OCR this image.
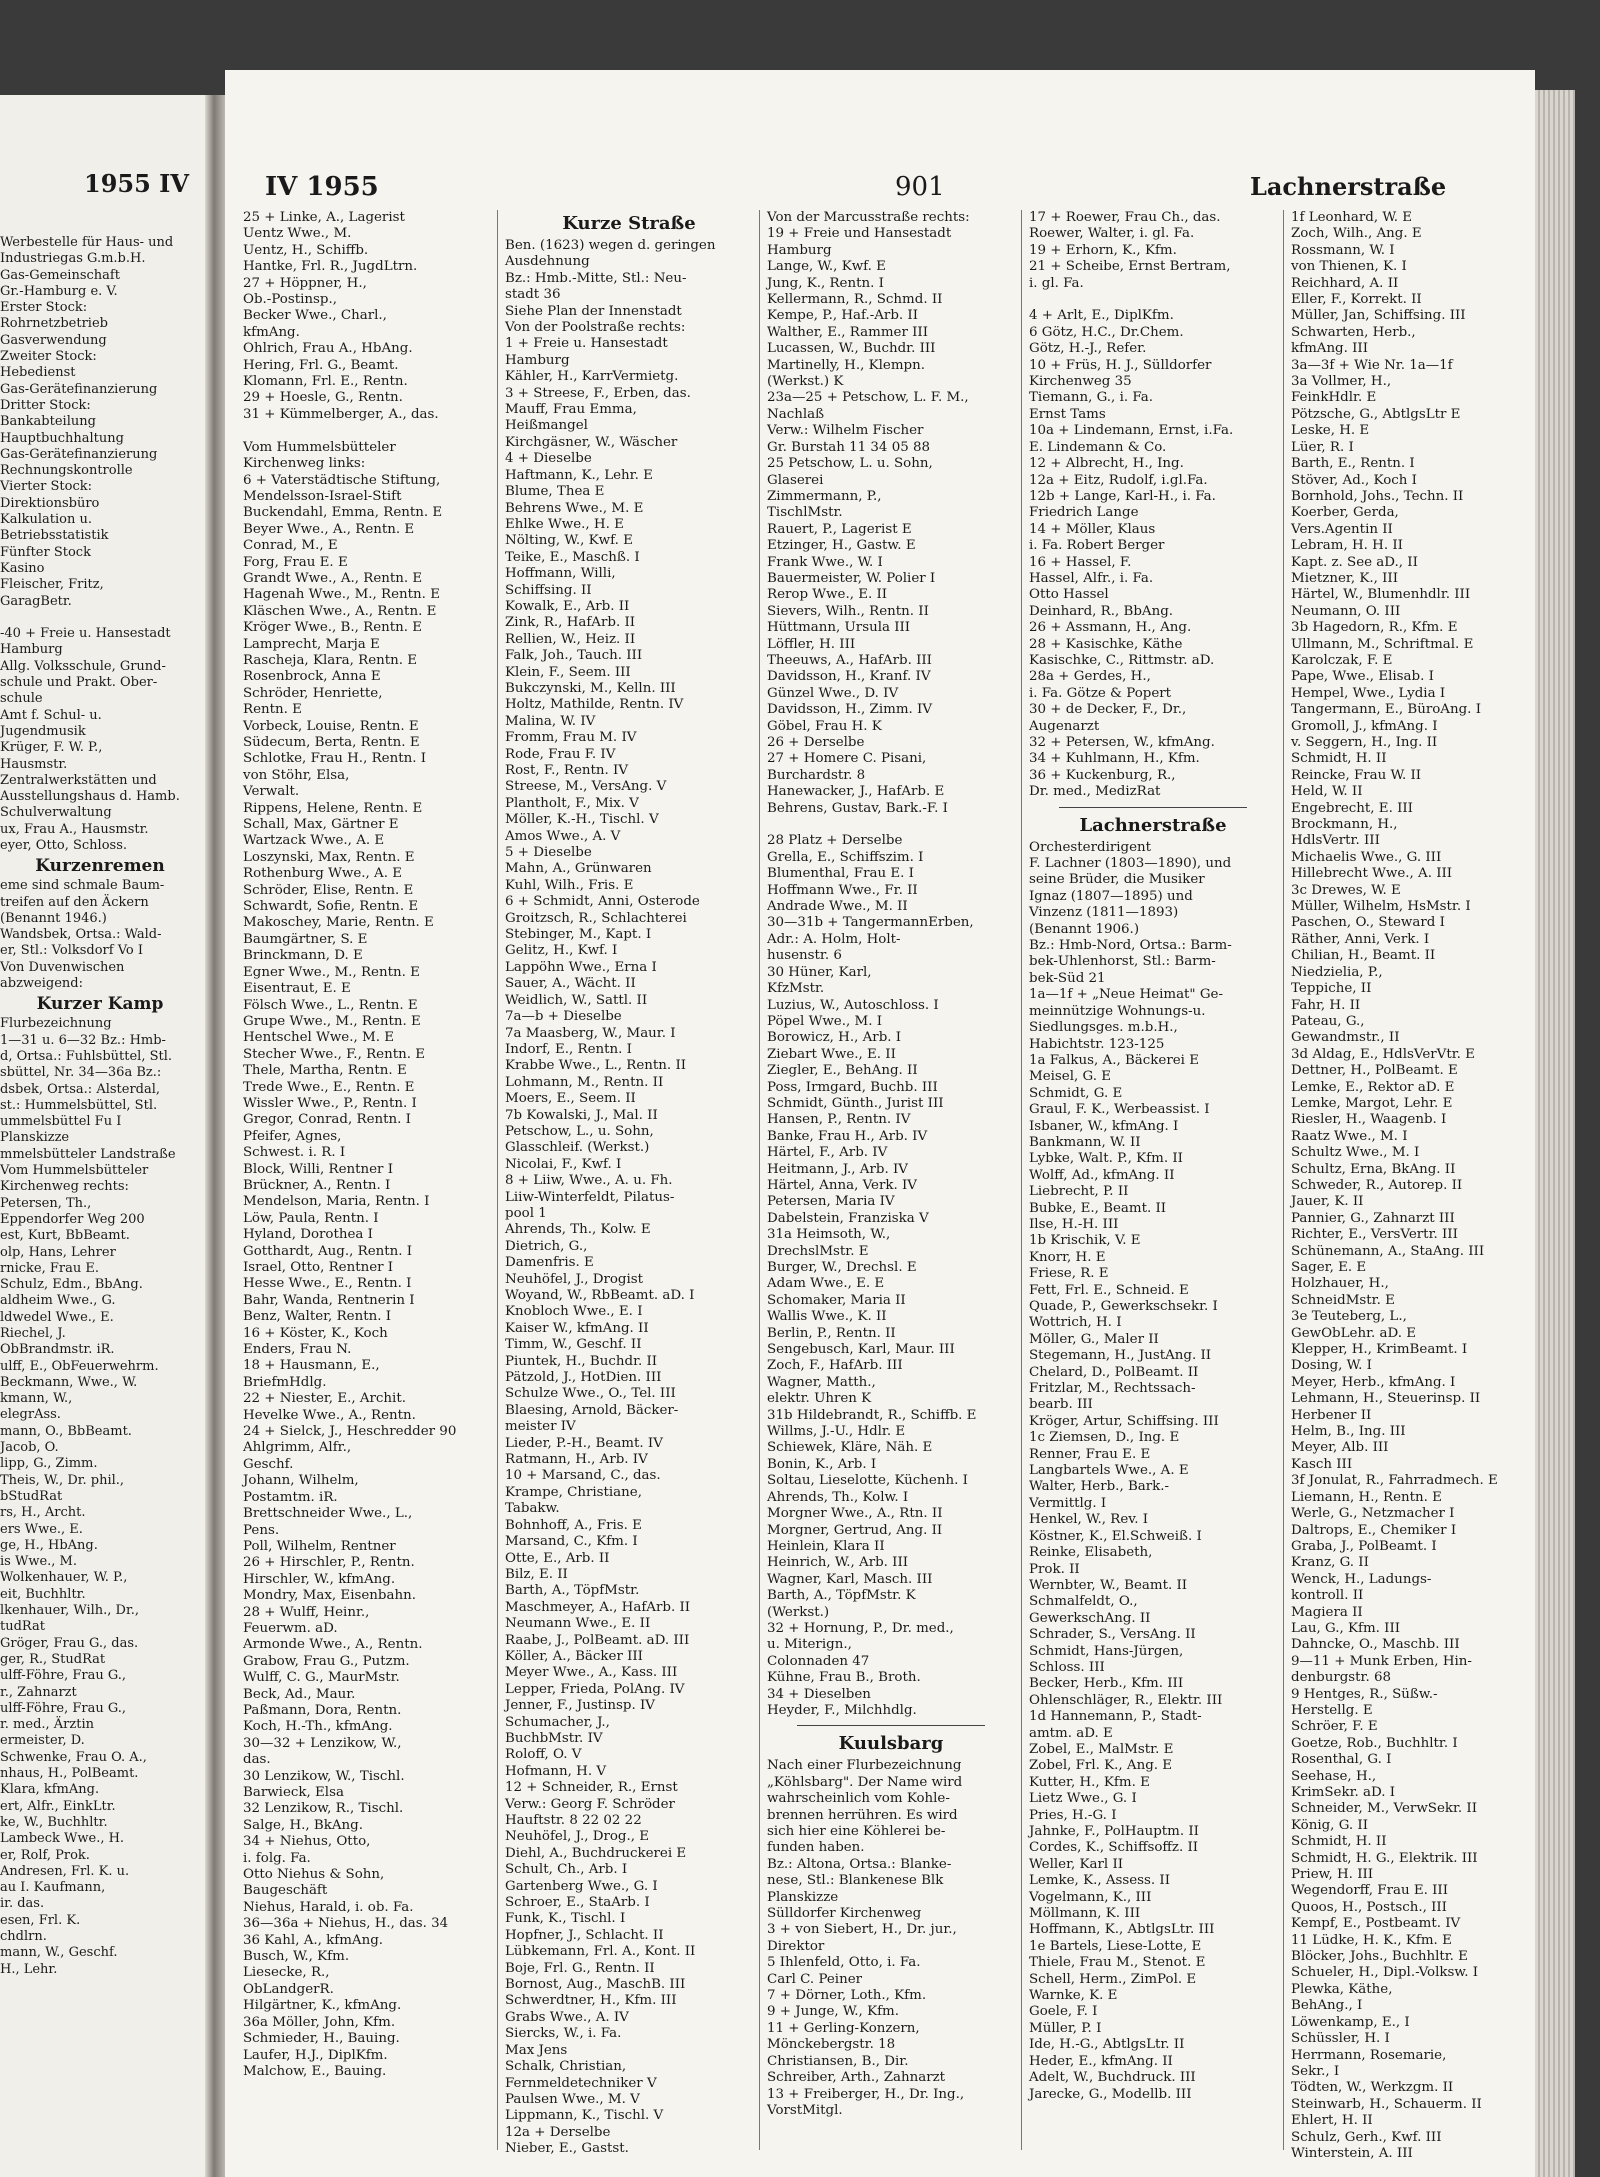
1955 IV
Werbestelle für Haus- und
Industriegas G.m.b.H.
Gas-Gemeinschaft
Gr.-Hamburg e. V.
Erster Stock:
Rohrnetzbetrieb
Gasverwendung
Zweiter Stock:
Hebedienst
Gas-Gerätefinanzierung
Dritter Stock:
Bankabteilung
Hauptbuchhaltung
Gas-Gerätefinanzierung
Rechnungskontrolle
Vierter Stock:
Direktionsbüro
Kalkulation u.
Betriebsstatistik
Fünfter Stock
Kasino
Fleischer, Fritz,
GaragBetr.

-40 + Freie u. Hansestadt
Hamburg
Allg. Volksschule, Grund-
schule und Prakt. Ober-
schule
Amt f. Schul- u.
Jugendmusik
Krüger, F. W. P.,
Hausmstr.
Zentralwerkstätten und
Ausstellungshaus d. Hamb.
Schulverwaltung
ux, Frau A., Hausmstr.
eyer, Otto, Schloss.
Kurzenremen
eme sind schmale Baum-
treifen auf den Äckern
(Benannt 1946.)
Wandsbek, Ortsa.: Wald-
er, Stl.: Volksdorf Vo I
Von Duvenwischen
abzweigend:
Kurzer Kamp
Flurbezeichnung
1—31 u. 6—32 Bz.: Hmb-
d, Ortsa.: Fuhlsbüttel, Stl.
sbüttel, Nr. 34—36a Bz.:
dsbek, Ortsa.: Alsterdal,
st.: Hummelsbüttel, Stl.
ummelsbüttel Fu I
Planskizze
mmelsbütteler Landstraße
Vom Hummelsbütteler
Kirchenweg rechts:
Petersen, Th.,
Eppendorfer Weg 200
est, Kurt, BbBeamt.
olp, Hans, Lehrer
rnicke, Frau E.
Schulz, Edm., BbAng.
aldheim Wwe., G.
ldwedel Wwe., E.
Riechel, J.
ObBrandmstr. iR.
ulff, E., ObFeuerwehrm.
Beckmann, Wwe., W.
kmann, W.,
elegrAss.
mann, O., BbBeamt.
Jacob, O.
lipp, G., Zimm.
Theis, W., Dr. phil.,
bStudRat
rs, H., Archt.
ers Wwe., E.
ge, H., HbAng.
is Wwe., M.
Wolkenhauer, W. P.,
eit, Buchhltr.
lkenhauer, Wilh., Dr.,
tudRat
Gröger, Frau G., das.
ger, R., StudRat
ulff-Föhre, Frau G.,
r., Zahnarzt
ulff-Föhre, Frau G.,
r. med., Ärztin
ermeister, D.
Schwenke, Frau O. A.,
nhaus, H., PolBeamt.
Klara, kfmAng.
ert, Alfr., EinkLtr.
ke, W., Buchhltr.
Lambeck Wwe., H.
er, Rolf, Prok.
Andresen, Frl. K. u.
au I. Kaufmann,
ir. das.
esen, Frl. K.
chdlrn.
mann, W., Geschf.
H., Lehr.
IV 1955	901	Lachnerstraße
25 + Linke, A., Lagerist
Uentz Wwe., M.
Uentz, H., Schiffb.
Hantke, Frl. R., JugdLtrn.
27 + Höppner, H.,
Ob.-Postinsp.,
Becker Wwe., Charl.,
kfmAng.
Ohlrich, Frau A., HbAng.
Hering, Frl. G., Beamt.
Klomann, Frl. E., Rentn.
29 + Hoesle, G., Rentn.
31 + Kümmelberger, A., das.

Vom Hummelsbütteler
Kirchenweg links:
6 + Vaterstädtische Stiftung,
Mendelsson-Israel-Stift
Buckendahl, Emma, Rentn. E
Beyer Wwe., A., Rentn. E
Conrad, M., E
Forg, Frau E. E
Grandt Wwe., A., Rentn. E
Hagenah Wwe., M., Rentn. E
Kläschen Wwe., A., Rentn. E
Kröger Wwe., B., Rentn. E
Lamprecht, Marja E
Rascheja, Klara, Rentn. E
Rosenbrock, Anna E
Schröder, Henriette,
Rentn. E
Vorbeck, Louise, Rentn. E
Südecum, Berta, Rentn. E
Schlotke, Frau H., Rentn. I
von Stöhr, Elsa,
Verwalt.
Rippens, Helene, Rentn. E
Schall, Max, Gärtner E
Wartzack Wwe., A. E
Loszynski, Max, Rentn. E
Rothenburg Wwe., A. E
Schröder, Elise, Rentn. E
Schwardt, Sofie, Rentn. E
Makoschey, Marie, Rentn. E
Baumgärtner, S. E
Brinckmann, D. E
Egner Wwe., M., Rentn. E
Eisentraut, E. E
Fölsch Wwe., L., Rentn. E
Grupe Wwe., M., Rentn. E
Hentschel Wwe., M. E
Stecher Wwe., F., Rentn. E
Thele, Martha, Rentn. E
Trede Wwe., E., Rentn. E
Wissler Wwe., P., Rentn. I
Gregor, Conrad, Rentn. I
Pfeifer, Agnes,
Schwest. i. R. I
Block, Willi, Rentner I
Brückner, A., Rentn. I
Mendelson, Maria, Rentn. I
Löw, Paula, Rentn. I
Hyland, Dorothea I
Gotthardt, Aug., Rentn. I
Israel, Otto, Rentner I
Hesse Wwe., E., Rentn. I
Bahr, Wanda, Rentnerin I
Benz, Walter, Rentn. I
16 + Köster, K., Koch
Enders, Frau N.
18 + Hausmann, E.,
BriefmHdlg.
22 + Niester, E., Archit.
Hevelke Wwe., A., Rentn.
24 + Sielck, J., Heschredder 90
Ahlgrimm, Alfr.,
Geschf.
Johann, Wilhelm,
Postamtm. iR.
Brettschneider Wwe., L.,
Pens.
Poll, Wilhelm, Rentner
26 + Hirschler, P., Rentn.
Hirschler, W., kfmAng.
Mondry, Max, Eisenbahn.
28 + Wulff, Heinr.,
Feuerwm. aD.
Armonde Wwe., A., Rentn.
Grabow, Frau G., Putzm.
Wulff, C. G., MaurMstr.
Beck, Ad., Maur.
Paßmann, Dora, Rentn.
Koch, H.-Th., kfmAng.
30—32 + Lenzikow, W.,
das.
30 Lenzikow, W., Tischl.
Barwieck, Elsa
32 Lenzikow, R., Tischl.
Salge, H., BkAng.
34 + Niehus, Otto,
i. folg. Fa.
Otto Niehus & Sohn,
Baugeschäft
Niehus, Harald, i. ob. Fa.
36—36a + Niehus, H., das. 34
36 Kahl, A., kfmAng.
Busch, W., Kfm.
Liesecke, R.,
ObLandgerR.
Hilgärtner, K., kfmAng.
36a Möller, John, Kfm.
Schmieder, H., Bauing.
Laufer, H.J., DiplKfm.
Malchow, E., Bauing.
Kurze Straße
Ben. (1623) wegen d. geringen
Ausdehnung
Bz.: Hmb.-Mitte, Stl.: Neu-
stadt 36
Siehe Plan der Innenstadt
Von der Poolstraße rechts:
1 + Freie u. Hansestadt
Hamburg
Kähler, H., KarrVermietg.
3 + Streese, F., Erben, das.
Mauff, Frau Emma,
Heißmangel
Kirchgäsner, W., Wäscher
4 + Dieselbe
Haftmann, K., Lehr. E
Blume, Thea E
Behrens Wwe., M. E
Ehlke Wwe., H. E
Nölting, W., Kwf. E
Teike, E., Maschß. I
Hoffmann, Willi,
Schiffsing. II
Kowalk, E., Arb. II
Zink, R., HafArb. II
Rellien, W., Heiz. II
Falk, Joh., Tauch. III
Klein, F., Seem. III
Bukczynski, M., Kelln. III
Holtz, Mathilde, Rentn. IV
Malina, W. IV
Fromm, Frau M. IV
Rode, Frau F. IV
Rost, F., Rentn. IV
Streese, M., VersAng. V
Plantholt, F., Mix. V
Möller, K.-H., Tischl. V
Amos Wwe., A. V
5 + Dieselbe
Mahn, A., Grünwaren
Kuhl, Wilh., Fris. E
6 + Schmidt, Anni, Osterode
Groitzsch, R., Schlachterei
Stebinger, M., Kapt. I
Gelitz, H., Kwf. I
Lappöhn Wwe., Erna I
Sauer, A., Wächt. II
Weidlich, W., Sattl. II
7a—b + Dieselbe
7a Maasberg, W., Maur. I
Indorf, E., Rentn. I
Krabbe Wwe., L., Rentn. II
Lohmann, M., Rentn. II
Moers, E., Seem. II
7b Kowalski, J., Mal. II
Petschow, L., u. Sohn,
Glasschleif. (Werkst.)
Nicolai, F., Kwf. I
8 + Liiw, Wwe., A. u. Fh.
Liiw-Winterfeldt, Pilatus-
pool 1
Ahrends, Th., Kolw. E
Dietrich, G.,
Damenfris. E
Neuhöfel, J., Drogist
Woyand, W., RbBeamt. aD. I
Knobloch Wwe., E. I
Kaiser W., kfmAng. II
Timm, W., Geschf. II
Piuntek, H., Buchdr. II
Pätzold, J., HotDien. III
Schulze Wwe., O., Tel. III
Blaesing, Arnold, Bäcker-
meister IV
Lieder, P.-H., Beamt. IV
Ratmann, H., Arb. IV
10 + Marsand, C., das.
Krampe, Christiane,
Tabakw.
Bohnhoff, A., Fris. E
Marsand, C., Kfm. I
Otte, E., Arb. II
Bilz, E. II
Barth, A., TöpfMstr.
Maschmeyer, A., HafArb. II
Neumann Wwe., E. II
Raabe, J., PolBeamt. aD. III
Köller, A., Bäcker III
Meyer Wwe., A., Kass. III
Lepper, Frieda, PolAng. IV
Jenner, F., Justinsp. IV
Schumacher, J.,
BuchbMstr. IV
Roloff, O. V
Hofmann, H. V
12 + Schneider, R., Ernst
Verw.: Georg F. Schröder
Hauftstr. 8 22 02 22
Neuhöfel, J., Drog., E
Diehl, A., Buchdruckerei E
Schult, Ch., Arb. I
Gartenberg Wwe., G. I
Schroer, E., StaArb. I
Funk, K., Tischl. I
Hopfner, J., Schlacht. II
Lübkemann, Frl. A., Kont. II
Boje, Frl. G., Rentn. II
Bornost, Aug., MaschB. III
Schwerdtner, H., Kfm. III
Grabs Wwe., A. IV
Siercks, W., i. Fa.
Max Jens
Schalk, Christian,
Fernmeldetechniker V
Paulsen Wwe., M. V
Lippmann, K., Tischl. V
12a + Derselbe
Nieber, E., Gastst.
Von der Marcusstraße rechts:
19 + Freie und Hansestadt
Hamburg
Lange, W., Kwf. E
Jung, K., Rentn. I
Kellermann, R., Schmd. II
Kempe, P., Haf.-Arb. II
Walther, E., Rammer III
Lucassen, W., Buchdr. III
Martinelly, H., Klempn.
(Werkst.) K
23a—25 + Petschow, L. F. M.,
Nachlaß
Verw.: Wilhelm Fischer
Gr. Burstah 11 34 05 88
25 Petschow, L. u. Sohn,
Glaserei
Zimmermann, P.,
TischlMstr.
Rauert, P., Lagerist E
Etzinger, H., Gastw. E
Frank Wwe., W. I
Bauermeister, W. Polier I
Rerop Wwe., E. II
Sievers, Wilh., Rentn. II
Hüttmann, Ursula III
Löffler, H. III
Theeuws, A., HafArb. III
Davidsson, H., Kranf. IV
Günzel Wwe., D. IV
Davidsson, H., Zimm. IV
Göbel, Frau H. K
26 + Derselbe
27 + Homere C. Pisani,
Burchardstr. 8
Hanewacker, J., HafArb. E
Behrens, Gustav, Bark.-F. I

28 Platz + Derselbe
Grella, E., Schiffszim. I
Blumenthal, Frau E. I
Hoffmann Wwe., Fr. II
Andrade Wwe., M. II
30—31b + TangermannErben,
Adr.: A. Holm, Holt-
husenstr. 6
30 Hüner, Karl,
KfzMstr.
Luzius, W., Autoschloss. I
Pöpel Wwe., M. I
Borowicz, H., Arb. I
Ziebart Wwe., E. II
Ziegler, E., BehAng. II
Poss, Irmgard, Buchb. III
Schmidt, Günth., Jurist III
Hansen, P., Rentn. IV
Banke, Frau H., Arb. IV
Härtel, F., Arb. IV
Heitmann, J., Arb. IV
Härtel, Anna, Verk. IV
Petersen, Maria IV
Dabelstein, Franziska V
31a Heimsoth, W.,
DrechslMstr. E
Burger, W., Drechsl. E
Adam Wwe., E. E
Schomaker, Maria II
Wallis Wwe., K. II
Berlin, P., Rentn. II
Sengebusch, Karl, Maur. III
Zoch, F., HafArb. III
Wagner, Matth.,
elektr. Uhren K
31b Hildebrandt, R., Schiffb. E
Willms, J.-U., Hdlr. E
Schiewek, Kläre, Näh. E
Bonin, K., Arb. I
Soltau, Lieselotte, Küchenh. I
Ahrends, Th., Kolw. I
Morgner Wwe., A., Rtn. II
Morgner, Gertrud, Ang. II
Heinlein, Klara II
Heinrich, W., Arb. III
Wagner, Karl, Masch. III
Barth, A., TöpfMstr. K
(Werkst.)
32 + Hornung, P., Dr. med.,
u. Miterign.,
Colonnaden 47
Kühne, Frau B., Broth.
34 + Dieselben
Heyder, F., Milchhdlg.
Kuulsbarg
Nach einer Flurbezeichnung
„Köhlsbarg". Der Name wird
wahrscheinlich vom Kohle-
brennen herrühren. Es wird
sich hier eine Köhlerei be-
funden haben.
Bz.: Altona, Ortsa.: Blanke-
nese, Stl.: Blankenese Blk
Planskizze
Sülldorfer Kirchenweg
3 + von Siebert, H., Dr. jur.,
Direktor
5 Ihlenfeld, Otto, i. Fa.
Carl C. Peiner
7 + Dörner, Loth., Kfm.
9 + Junge, W., Kfm.
11 + Gerling-Konzern,
Mönckebergstr. 18
Christiansen, B., Dir.
Schreiber, Arth., Zahnarzt
13 + Freiberger, H., Dr. Ing.,
VorstMitgl.
17 + Roewer, Frau Ch., das.
Roewer, Walter, i. gl. Fa.
19 + Erhorn, K., Kfm.
21 + Scheibe, Ernst Bertram,
i. gl. Fa.

4 + Arlt, E., DiplKfm.
6 Götz, H.C., Dr.Chem.
Götz, H.-J., Refer.
10 + Früs, H. J., Sülldorfer
Kirchenweg 35
Tiemann, G., i. Fa.
Ernst Tams
10a + Lindemann, Ernst, i.Fa.
E. Lindemann & Co.
12 + Albrecht, H., Ing.
12a + Eitz, Rudolf, i.gl.Fa.
12b + Lange, Karl-H., i. Fa.
Friedrich Lange
14 + Möller, Klaus
i. Fa. Robert Berger
16 + Hassel, F.
Hassel, Alfr., i. Fa.
Otto Hassel
Deinhard, R., BbAng.
26 + Assmann, H., Ang.
28 + Kasischke, Käthe
Kasischke, C., Rittmstr. aD.
28a + Gerdes, H.,
i. Fa. Götze & Popert
30 + de Decker, F., Dr.,
Augenarzt
32 + Petersen, W., kfmAng.
34 + Kuhlmann, H., Kfm.
36 + Kuckenburg, R.,
Dr. med., MedizRat
Lachnerstraße
Orchesterdirigent
F. Lachner (1803—1890), und
seine Brüder, die Musiker
Ignaz (1807—1895) und
Vinzenz (1811—1893)
(Benannt 1906.)
Bz.: Hmb-Nord, Ortsa.: Barm-
bek-Uhlenhorst, Stl.: Barm-
bek-Süd 21
1a—1f + „Neue Heimat" Ge-
meinnützige Wohnungs-u.
Siedlungsges. m.b.H.,
Habichtstr. 123-125
1a Falkus, A., Bäckerei E
Meisel, G. E
Schmidt, G. E
Graul, F. K., Werbeassist. I
Isbaner, W., kfmAng. I
Bankmann, W. II
Lybke, Walt. P., Kfm. II
Wolff, Ad., kfmAng. II
Liebrecht, P. II
Bubke, E., Beamt. II
Ilse, H.-H. III
1b Krischik, V. E
Knorr, H. E
Friese, R. E
Fett, Frl. E., Schneid. E
Quade, P., Gewerkschsekr. I
Wottrich, H. I
Möller, G., Maler II
Stegemann, H., JustAng. II
Chelard, D., PolBeamt. II
Fritzlar, M., Rechtssach-
bearb. III
Kröger, Artur, Schiffsing. III
1c Ziemsen, D., Ing. E
Renner, Frau E. E
Langbartels Wwe., A. E
Walter, Herb., Bark.-
Vermittlg. I
Henkel, W., Rev. I
Köstner, K., El.Schweiß. I
Reinke, Elisabeth,
Prok. II
Wernbter, W., Beamt. II
Schmalfeldt, O.,
GewerkschAng. II
Schrader, S., VersAng. II
Schmidt, Hans-Jürgen,
Schloss. III
Becker, Herb., Kfm. III
Ohlenschläger, R., Elektr. III
1d Hannemann, P., Stadt-
amtm. aD. E
Zobel, E., MalMstr. E
Zobel, Frl. K., Ang. E
Kutter, H., Kfm. E
Lietz Wwe., G. I
Pries, H.-G. I
Jahnke, F., PolHauptm. II
Cordes, K., Schiffsoffz. II
Weller, Karl II
Lemke, K., Assess. II
Vogelmann, K., III
Möllmann, K. III
Hoffmann, K., AbtlgsLtr. III
1e Bartels, Liese-Lotte, E
Thiele, Frau M., Stenot. E
Schell, Herm., ZimPol. E
Warnke, K. E
Goele, F. I
Müller, P. I
Ide, H.-G., AbtlgsLtr. II
Heder, E., kfmAng. II
Adelt, W., Buchdruck. III
Jarecke, G., Modellb. III
1f Leonhard, W. E
Zoch, Wilh., Ang. E
Rossmann, W. I
von Thienen, K. I
Reichhard, A. II
Eller, F., Korrekt. II
Müller, Jan, Schiffsing. III
Schwarten, Herb.,
kfmAng. III
3a—3f + Wie Nr. 1a—1f
3a Vollmer, H.,
FeinkHdlr. E
Pötzsche, G., AbtlgsLtr E
Leske, H. E
Lüer, R. I
Barth, E., Rentn. I
Stöver, Ad., Koch I
Bornhold, Johs., Techn. II
Koerber, Gerda,
Vers.Agentin II
Lebram, H. H. II
Kapt. z. See aD., II
Mietzner, K., III
Härtel, W., Blumenhdlr. III
Neumann, O. III
3b Hagedorn, R., Kfm. E
Ullmann, M., Schriftmal. E
Karolczak, F. E
Pape, Wwe., Elisab. I
Hempel, Wwe., Lydia I
Tangermann, E., BüroAng. I
Gromoll, J., kfmAng. I
v. Seggern, H., Ing. II
Schmidt, H. II
Reincke, Frau W. II
Held, W. II
Engebrecht, E. III
Brockmann, H.,
HdlsVertr. III
Michaelis Wwe., G. III
Hillebrecht Wwe., A. III
3c Drewes, W. E
Müller, Wilhelm, HsMstr. I
Paschen, O., Steward I
Räther, Anni, Verk. I
Chilian, H., Beamt. II
Niedzielia, P.,
Teppiche, II
Fahr, H. II
Pateau, G.,
Gewandmstr., II
3d Aldag, E., HdlsVerVtr. E
Dettner, H., PolBeamt. E
Lemke, E., Rektor aD. E
Lemke, Margot, Lehr. E
Riesler, H., Waagenb. I
Raatz Wwe., M. I
Schultz Wwe., M. I
Schultz, Erna, BkAng. II
Schweder, R., Autorep. II
Jauer, K. II
Pannier, G., Zahnarzt III
Richter, E., VersVertr. III
Schünemann, A., StaAng. III
Sager, E. E
Holzhauer, H.,
SchneidMstr. E
3e Teuteberg, L.,
GewObLehr. aD. E
Klepper, H., KrimBeamt. I
Dosing, W. I
Meyer, Herb., kfmAng. I
Lehmann, H., Steuerinsp. II
Herbener II
Helm, B., Ing. III
Meyer, Alb. III
Kasch III
3f Jonulat, R., Fahrradmech. E
Liemann, H., Rentn. E
Werle, G., Netzmacher I
Daltrops, E., Chemiker I
Graba, J., PolBeamt. I
Kranz, G. II
Wenck, H., Ladungs-
kontroll. II
Magiera II
Lau, G., Kfm. III
Dahncke, O., Maschb. III
9—11 + Munk Erben, Hin-
denburgstr. 68
9 Hentges, R., Süßw.-
Herstellg. E
Schröer, F. E
Goetze, Rob., Buchhltr. I
Rosenthal, G. I
Seehase, H.,
KrimSekr. aD. I
Schneider, M., VerwSekr. II
König, G. II
Schmidt, H. II
Schmidt, H. G., Elektrik. III
Priew, H. III
Wegendorff, Frau E. III
Quoos, H., Postsch., III
Kempf, E., Postbeamt. IV
11 Lüdke, H. K., Kfm. E
Blöcker, Johs., Buchhltr. E
Schueler, H., Dipl.-Volksw. I
Plewka, Käthe,
BehAng., I
Löwenkamp, E., I
Schüssler, H. I
Herrmann, Rosemarie,
Sekr., I
Tödten, W., Werkzgm. II
Steinwarb, H., Schauerm. II
Ehlert, H. II
Schulz, Gerh., Kwf. III
Winterstein, A. III
